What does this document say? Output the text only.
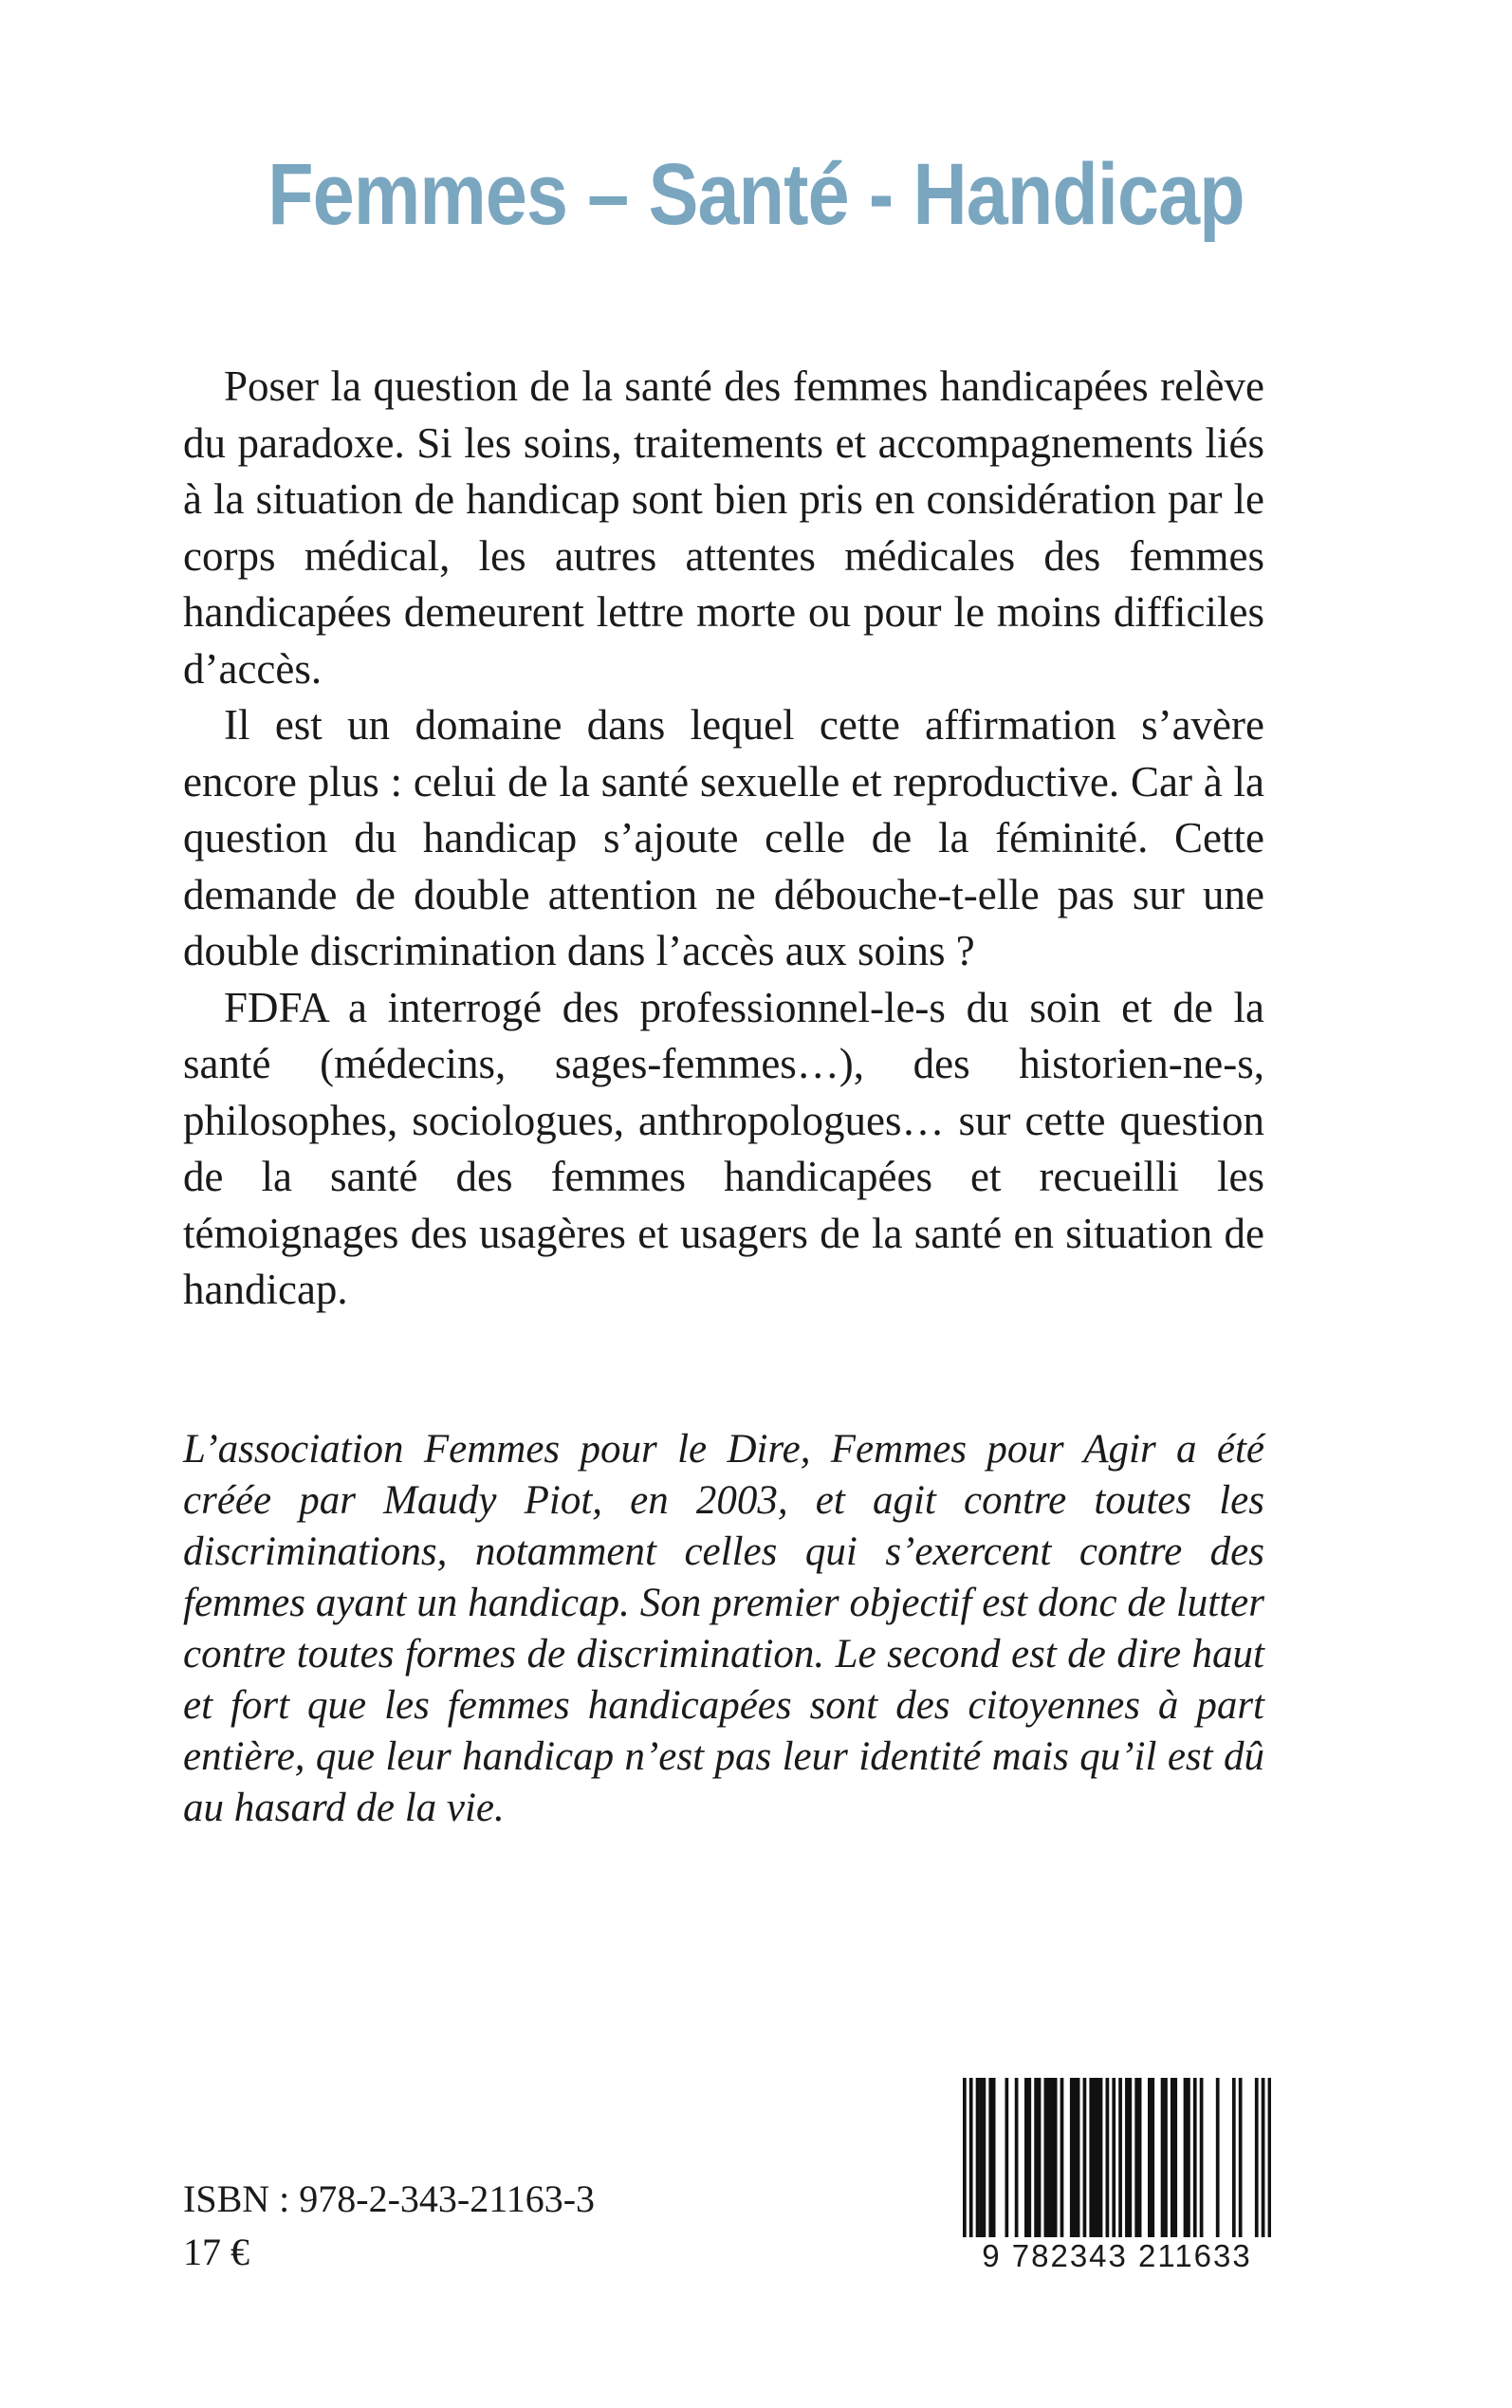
Femmes – Santé - Handicap

Poser la question de la santé des femmes handicapées relève du paradoxe. Si les soins, traitements et accompagnements liés à la situation de handicap sont bien pris en considération par le corps médical, les autres attentes médicales des femmes handicapées demeurent lettre morte ou pour le moins difficiles d’accès.

Il est un domaine dans lequel cette affirmation s’avère encore plus : celui de la santé sexuelle et reproductive. Car à la question du handicap s’ajoute celle de la féminité. Cette demande de double attention ne débouche-t-elle pas sur une double discrimination dans l’accès aux soins ?

FDFA a interrogé des professionnel-le-s du soin et de la santé (médecins, sages-femmes…), des historien-ne-s, philosophes, sociologues, anthropologues… sur cette question de la santé des femmes handicapées et recueilli les témoignages des usagères et usagers de la santé en situation de handicap.

L’association Femmes pour le Dire, Femmes pour Agir a été créée par Maudy Piot, en 2003, et agit contre toutes les discriminations, notamment celles qui s’exercent contre des femmes ayant un handicap. Son premier objectif est donc de lutter contre toutes formes de discrimination. Le second est de dire haut et fort que les femmes handicapées sont des citoyennes à part entière, que leur handicap n’est pas leur identité mais qu’il est dû au hasard de la vie.

ISBN : 978-2-343-21163-3
17 €	9 782343 211633
